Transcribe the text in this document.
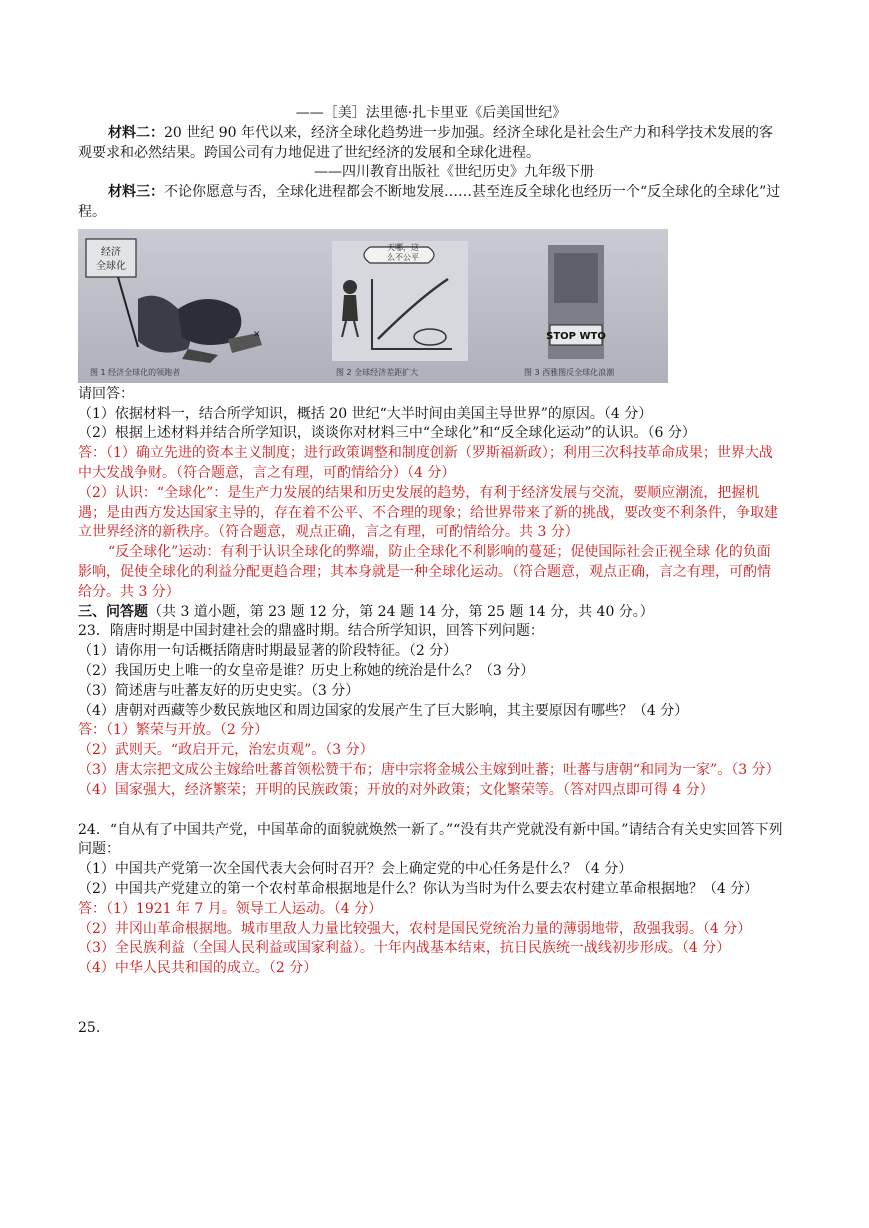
——［美］法里德·扎卡里亚《后美国世纪》
材料二：20 世纪 90 年代以来，经济全球化趋势进一步加强。经济全球化是社会生产力和科学技术发展的客观要求和必然结果。跨国公司有力地促进了世纪经济的发展和全球化进程。
——四川教育出版社《世纪历史》九年级下册
材料三：不论你愿意与否，全球化进程都会不断地发展……甚至连反全球化也经历一个“反全球化的全球化”过程。
经济
全球化
✕
图 1 经济全球化的领跑者
天哪，这
么不公平
图 2 全球经济差距扩大
STOP WTO
图 3 西雅图反全球化浪潮
请回答：
（1）依据材料一，结合所学知识，概括 20 世纪“大半时间由美国主导世界”的原因。（4 分）
（2）根据上述材料并结合所学知识，谈谈你对材料三中“全球化”和“反全球化运动”的认识。（6 分）
答：（1）确立先进的资本主义制度；进行政策调整和制度创新（罗斯福新政）；利用三次科技革命成果；世界大战中大发战争财。（符合题意，言之有理，可酌情给分）（4 分）
（2）认识：“全球化”：是生产力发展的结果和历史发展的趋势，有利于经济发展与交流，要顺应潮流，把握机遇；是由西方发达国家主导的，存在着不公平、不合理的现象；给世界带来了新的挑战，要改变不利条件，争取建立世界经济的新秩序。（符合题意，观点正确，言之有理，可酌情给分。共 3 分）
“反全球化”运动：有利于认识全球化的弊端，防止全球化不利影响的蔓延；促使国际社会正视全球 化的负面影响，促使全球化的利益分配更趋合理；其本身就是一种全球化运动。（符合题意，观点正确，言之有理，可酌情给分。共 3 分）
三、问答题（共 3 道小题，第 23 题 12 分，第 24 题 14 分，第 25 题 14 分，共 40 分。）
23．隋唐时期是中国封建社会的鼎盛时期。结合所学知识，回答下列问题：
（1）请你用一句话概括隋唐时期最显著的阶段特征。（2 分）
（2）我国历史上唯一的女皇帝是谁？历史上称她的统治是什么？（3 分）
（3）简述唐与吐蕃友好的历史史实。（3 分）
（4）唐朝对西藏等少数民族地区和周边国家的发展产生了巨大影响，其主要原因有哪些？（4 分）
答：（1）繁荣与开放。（2 分）
（2）武则天。“政启开元，治宏贞观”。（3 分）
（3）唐太宗把文成公主嫁给吐蕃首领松赞干布；唐中宗将金城公主嫁到吐蕃；吐蕃与唐朝“和同为一家”。（3 分）
（4）国家强大，经济繁荣；开明的民族政策；开放的对外政策；文化繁荣等。（答对四点即可得 4 分）
24．“自从有了中国共产党，中国革命的面貌就焕然一新了。”“没有共产党就没有新中国。”请结合有关史实回答下列问题：
（1）中国共产党第一次全国代表大会何时召开？会上确定党的中心任务是什么？（4 分）
（2）中国共产党建立的第一个农村革命根据地是什么？你认为当时为什么要去农村建立革命根据地？（4 分）
答：（1）1921 年 7 月。领导工人运动。（4 分）
（2）井冈山革命根据地。城市里敌人力量比较强大，农村是国民党统治力量的薄弱地带，敌强我弱。（4 分）
（3）全民族利益（全国人民利益或国家利益）。十年内战基本结束，抗日民族统一战线初步形成。（4 分）
（4）中华人民共和国的成立。（2 分）
25.
